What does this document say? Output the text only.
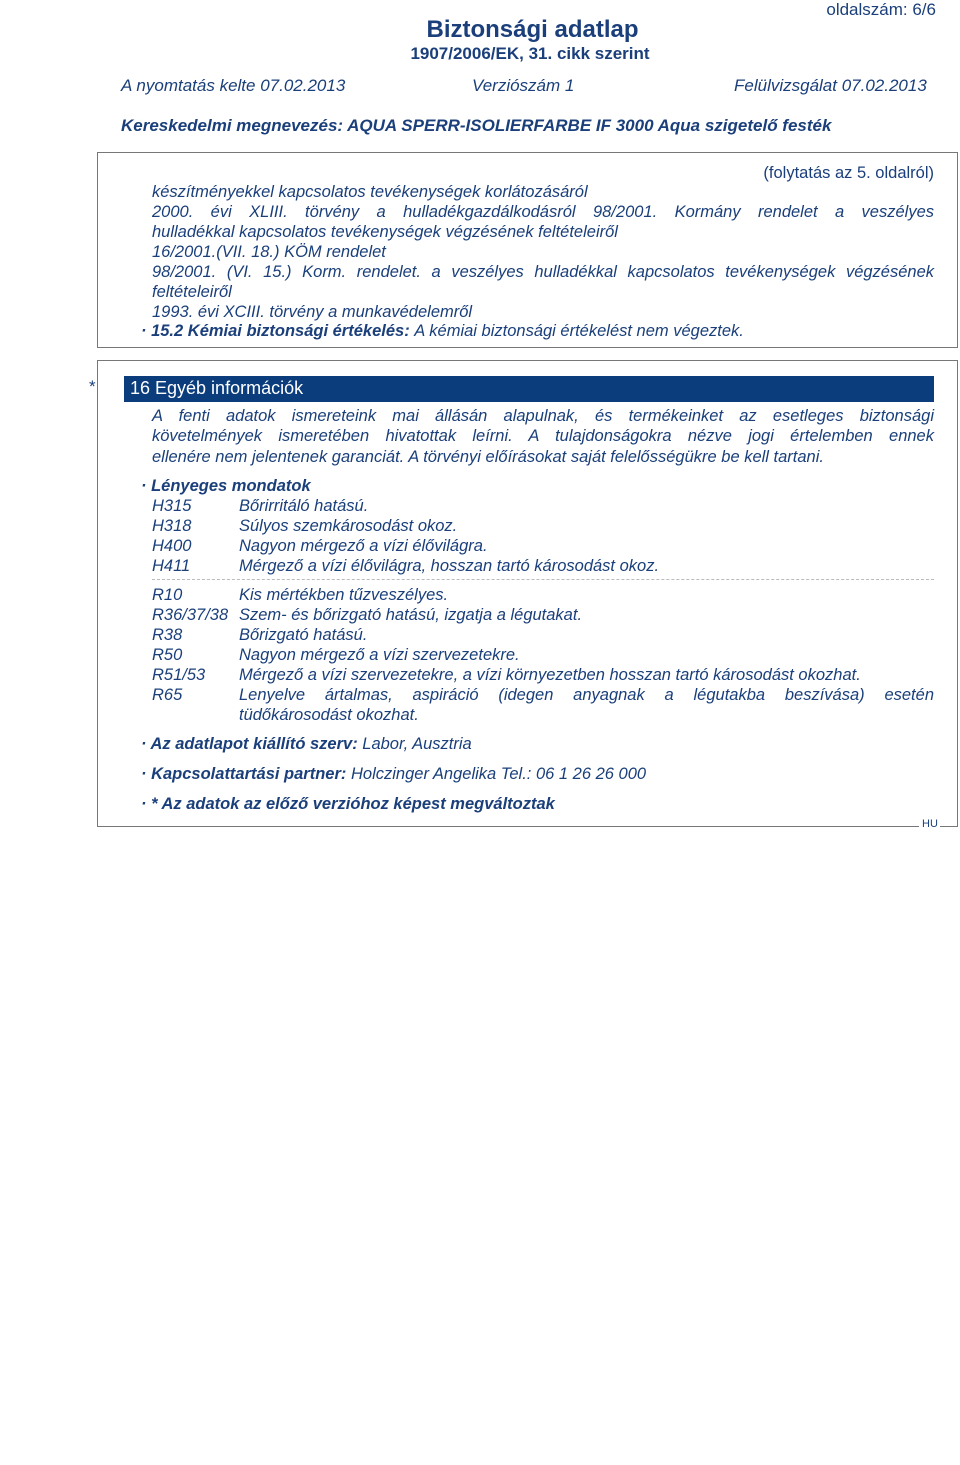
oldalszám: 6/6
Biztonsági adatlap
1907/2006/EK, 31. cikk szerint
A nyomtatás kelte 07.02.2013	Verziószám 1	Felülvizsgálat 07.02.2013
Kereskedelmi megnevezés: AQUA SPERR-ISOLIERFARBE IF 3000 Aqua szigetelő festék
(folytatás az 5. oldalról)
készítményekkel kapcsolatos tevékenységek korlátozásáról
2000. évi XLIII. törvény a hulladékgazdálkodásról 98/2001. Kormány rendelet a veszélyes
hulladékkal kapcsolatos tevékenységek végzésének feltételeiről
16/2001.(VII. 18.) KÖM rendelet
98/2001. (VI. 15.) Korm. rendelet. a veszélyes hulladékkal kapcsolatos tevékenységek végzésének
feltételeiről
1993. évi XCIII. törvény a munkavédelemről
· 15.2 Kémiai biztonsági értékelés: A kémiai biztonsági értékelést nem végeztek.
HU
* 16 Egyéb információk
A fenti adatok ismereteink mai állásán alapulnak, és termékeinket az esetleges biztonsági
követelmények ismeretében hivatottak leírni. A tulajdonságokra nézve jogi értelemben ennek
ellenére nem jelentenek garanciát. A törvényi előírásokat saját felelősségükre be kell tartani.
· Lényeges mondatok
H315	Bőrirritáló hatású.
H318	Súlyos szemkárosodást okoz.
H400	Nagyon mérgező a vízi élővilágra.
H411	Mérgező a vízi élővilágra, hosszan tartó károsodást okoz.
R10	Kis mértékben tűzveszélyes.
R36/37/38 Szem- és bőrizgató hatású, izgatja a légutakat.
R38	Bőrizgató hatású.
R50	Nagyon mérgező a vízi szervezetekre.
R51/53 Mérgező a vízi szervezetekre, a vízi környezetben hosszan tartó károsodást okozhat.
R65	Lenyelve ártalmas, aspiráció (idegen anyagnak a légutakba beszívása) esetén
tüdőkárosodást okozhat.
· Az adatlapot kiállító szerv: Labor, Ausztria
· Kapcsolattartási partner: Holczinger Angelika Tel.: 06 1 26 26 000
· * Az adatok az előző verzióhoz képest megváltoztak
